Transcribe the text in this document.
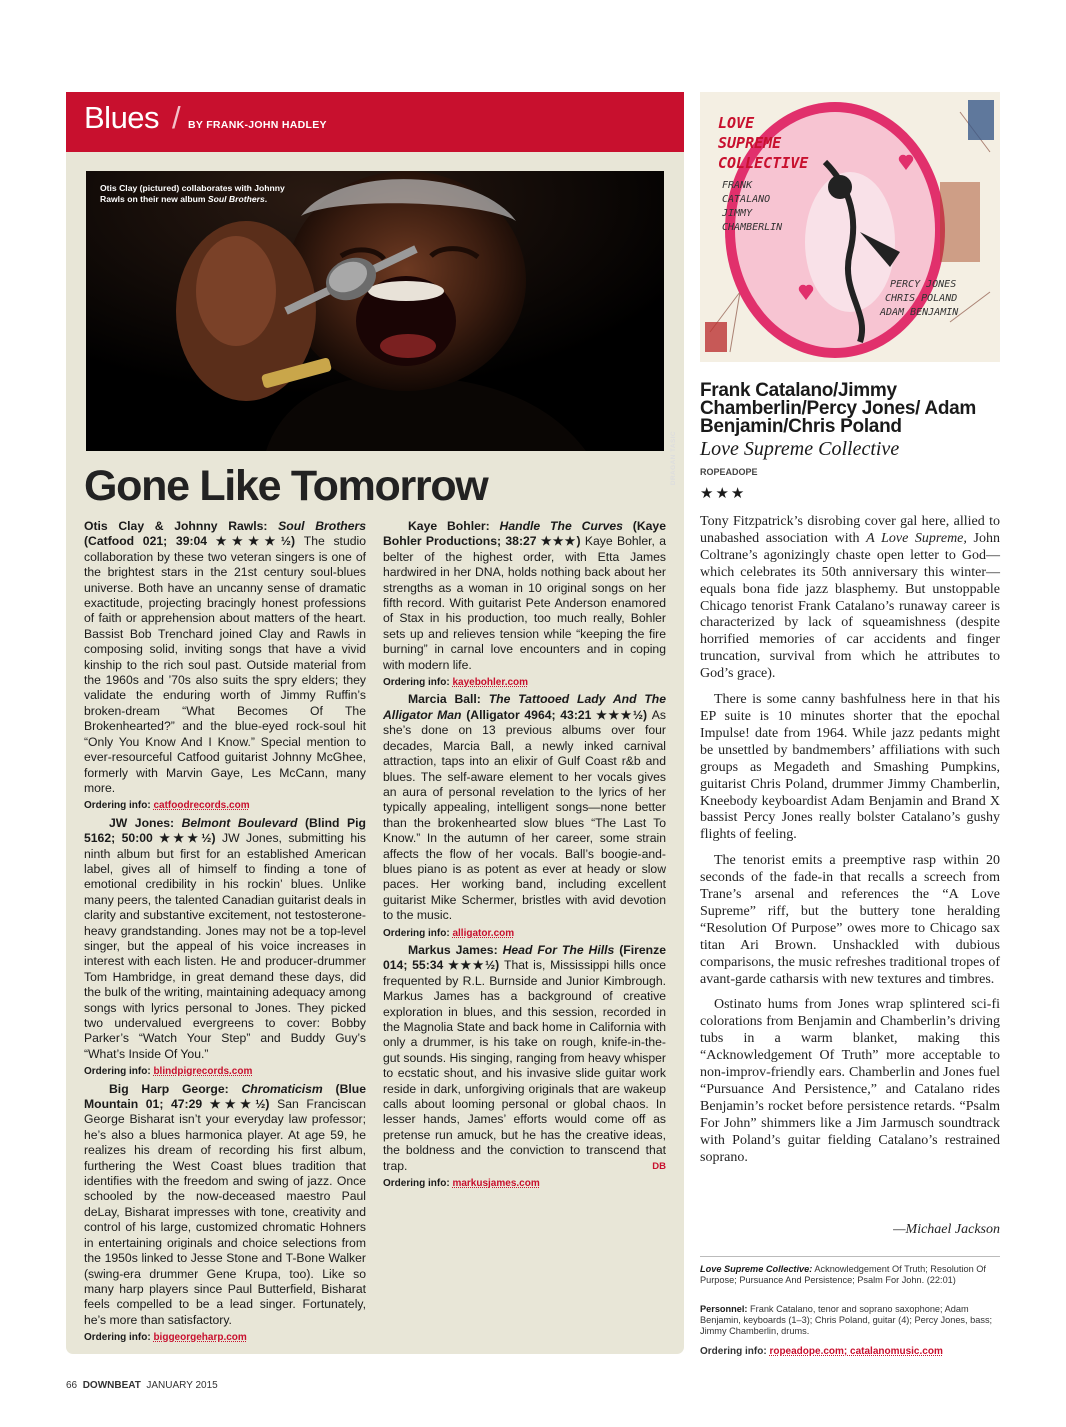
Blues / BY FRANK-JOHN HADLEY
Otis Clay (pictured) collaborates with Johnny Rawls on their new album Soul Brothers.
DRAGAN TASIC
Gone Like Tomorrow

Otis Clay & Johnny Rawls: Soul Brothers (Catfood 021; 39:04 ★★★★½) The studio collaboration by these two veteran singers is one of the brightest stars in the 21st century soul-blues universe. Both have an uncanny sense of dramatic exactitude, projecting bracingly honest professions of faith or apprehension about matters of the heart. Bassist Bob Trenchard joined Clay and Rawls in composing solid, inviting songs that have a vivid kinship to the rich soul past. Outside material from the 1960s and ’70s also suits the spry elders; they validate the enduring worth of Jimmy Ruffin’s broken-dream “What Becomes Of The Brokenhearted?” and the blue-eyed rock-soul hit “Only You Know And I Know.” Special mention to ever-resourceful Catfood guitarist Johnny McGhee, formerly with Marvin Gaye, Les McCann, many more.

Ordering info: catfoodrecords.com

JW Jones: Belmont Boulevard (Blind Pig 5162; 50:00 ★★★½) JW Jones, submitting his ninth album but first for an established American label, gives all of himself to finding a tone of emotional credibility in his rockin’ blues. Unlike many peers, the talented Canadian guitarist deals in clarity and substantive excitement, not testosterone-heavy grandstanding. Jones may not be a top-level singer, but the appeal of his voice increases in interest with each listen. He and producer-drummer Tom Hambridge, in great demand these days, did the bulk of the writing, maintaining adequacy among songs with lyrics personal to Jones. They picked two undervalued evergreens to cover: Bobby Parker’s “Watch Your Step” and Buddy Guy’s “What’s Inside Of You.”

Ordering info: blindpigrecords.com

Big Harp George: Chromaticism (Blue Mountain 01; 47:29 ★★★½) San Franciscan George Bisharat isn’t your everyday law professor; he’s also a blues harmonica player. At age 59, he realizes his dream of recording his first album, furthering the West Coast blues tradition that identifies with the freedom and swing of jazz. Once schooled by the now-deceased maestro Paul deLay, Bisharat impresses with tone, creativity and control of his large, customized chromatic Hohners in entertaining originals and choice selections from the 1950s linked to Jesse Stone and T-Bone Walker (swing-era drummer Gene Krupa, too). Like so many harp players since Paul Butterfield, Bisharat feels compelled to be a lead singer. Fortunately, he’s more than satisfactory.

Ordering info: biggeorgeharp.com

Kaye Bohler: Handle The Curves (Kaye Bohler Productions; 38:27 ★★★) Kaye Bohler, a belter of the highest order, with Etta James hardwired in her DNA, holds nothing back about her strengths as a woman in 10 original songs on her fifth record. With guitarist Pete Anderson enamored of Stax in his production, too much really, Bohler sets up and relieves tension while “keeping the fire burning” in carnal love encounters and in coping with modern life.

Ordering info: kayebohler.com

Marcia Ball: The Tattooed Lady And The Alligator Man (Alligator 4964; 43:21 ★★★½) As she’s done on 13 previous albums over four decades, Marcia Ball, a newly inked carnival attraction, taps into an elixir of Gulf Coast r&b and blues. The self-aware element to her vocals gives an aura of personal revelation to the lyrics of her typically appealing, intelligent songs—none better than the brokenhearted slow blues “The Last To Know.” In the autumn of her career, some strain affects the flow of her vocals. Ball’s boogie-and-blues piano is as potent as ever at heady or slow paces. Her working band, including excellent guitarist Mike Schermer, bristles with avid devotion to the music.

Ordering info: alligator.com

Markus James: Head For The Hills (Firenze 014; 55:34 ★★★½) That is, Mississippi hills once frequented by R.L. Burnside and Junior Kimbrough. Markus James has a background of creative exploration in blues, and this session, recorded in the Magnolia State and back home in California with only a drummer, is his take on rough, knife-in-the-gut sounds. His singing, ranging from heavy whisper to ecstatic shout, and his invasive slide guitar work reside in dark, unforgiving originals that are wakeup calls about looming personal or global chaos. In lesser hands, James’ efforts would come off as pretense run amuck, but he has the creative ideas, the boldness and the conviction to transcend that trap.	DB

Ordering info: markusjames.com

LOVE
SUPREME
COLLECTIVE
FRANK
CATALANO
JIMMY
CHAMBERLIN
PERCY JONES
CHRIS POLAND
ADAM BENJAMIN
Frank Catalano/Jimmy Chamberlin/Percy Jones/ Adam Benjamin/Chris Poland
Love Supreme Collective
ROPEADOPE
★★★

Tony Fitzpatrick’s disrobing cover gal here, allied to unabashed association with A Love Supreme, John Coltrane’s agonizingly chaste open letter to God—which celebrates its 50th anniversary this winter—equals bona fide jazz blasphemy. But unstoppable Chicago tenorist Frank Catalano’s runaway career is characterized by lack of squeamishness (despite horrified memories of car accidents and finger truncation, survival from which he attributes to God’s grace).

There is some canny bashfulness here in that his EP suite is 10 minutes shorter that the epochal Impulse! date from 1964. While jazz pedants might be unsettled by bandmembers’ affiliations with such groups as Megadeth and Smashing Pumpkins, guitarist Chris Poland, drummer Jimmy Chamberlin, Kneebody keyboardist Adam Benjamin and Brand X bassist Percy Jones really bolster Catalano’s gushy flights of feeling.

The tenorist emits a preemptive rasp within 20 seconds of the fade-in that recalls a screech from Trane’s arsenal and references the “A Love Supreme” riff, but the buttery tone heralding “Resolution Of Purpose” owes more to Chicago sax titan Ari Brown. Unshackled with dubious comparisons, the music refreshes traditional tropes of avant-garde catharsis with new textures and timbres.

Ostinato hums from Jones wrap splintered sci-fi colorations from Benjamin and Chamberlin’s driving tubs in a warm blanket, making this “Acknowledgement Of Truth” more acceptable to non-improv-friendly ears. Chamberlin and Jones fuel “Pursuance And Persistence,” and Catalano rides Benjamin’s rocket before persistence retards. “Psalm For John” shimmers like a Jim Jarmusch soundtrack with Poland’s guitar fielding Catalano’s restrained soprano.

—Michael Jackson
Love Supreme Collective: Acknowledgement Of Truth; Resolution Of Purpose; Pursuance And Persistence; Psalm For John. (22:01)
Personnel: Frank Catalano, tenor and soprano saxophone; Adam Benjamin, keyboards (1–3); Chris Poland, guitar (4); Percy Jones, bass; Jimmy Chamberlin, drums.
Ordering info: ropeadope.com; catalanomusic.com
66 DOWNBEAT JANUARY 2015
